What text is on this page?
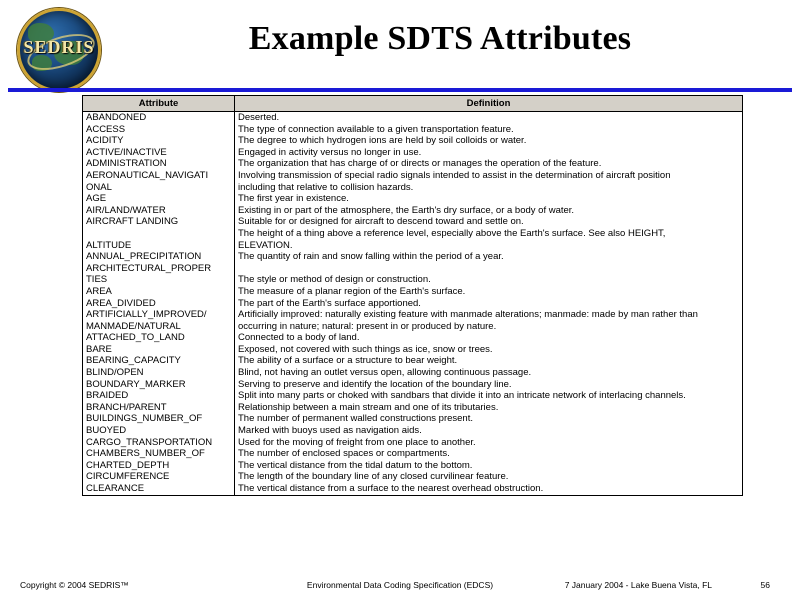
SEDRIS	Example SDTS Attributes
Attribute	Definition
ABANDONED	Deserted.
ACCESS	The type of connection available to a given transportation feature.
ACIDITY	The degree to which hydrogen ions are held by soil colloids or water.
ACTIVE/INACTIVE	Engaged in activity versus no longer in use.
ADMINISTRATION	The organization that has charge of or directs or manages the operation of the feature.
AERONAUTICAL_NAVIGATI	Involving transmission of special radio signals intended to assist in the determination of aircraft position
ONAL	including that relative to collision hazards.
AGE	The first year in existence.
AIR/LAND/WATER	Existing in or part of the atmosphere, the Earth's dry surface, or a body of water.
AIRCRAFT LANDING	Suitable for or designed for aircraft to descend toward and settle on.
	The height of a thing above a reference level, especially above the Earth's surface. See also HEIGHT,
ALTITUDE	ELEVATION.
ANNUAL_PRECIPITATION	The quantity of rain and snow falling within the period of a year.
ARCHITECTURAL_PROPER	
TIES	The style or method of design or construction.
AREA	The measure of a planar region of the Earth's surface.
AREA_DIVIDED	The part of the Earth's surface apportioned.
ARTIFICIALLY_IMPROVED/	Artificially improved: naturally existing feature with manmade alterations; manmade: made by man rather than
MANMADE/NATURAL	occurring in nature; natural: present in or produced by nature.
ATTACHED_TO_LAND	Connected to a body of land.
BARE	Exposed, not covered with such things as ice, snow or trees.
BEARING_CAPACITY	The ability of a surface or a structure to bear weight.
BLIND/OPEN	Blind, not having an outlet versus open, allowing continuous passage.
BOUNDARY_MARKER	Serving to preserve and identify the location of the boundary line.
BRAIDED	Split into many parts or choked with sandbars that divide it into an intricate network of interlacing channels.
BRANCH/PARENT	Relationship between a main stream and one of its tributaries.
BUILDINGS_NUMBER_OF	The number of permanent walled constructions present.
BUOYED	Marked with buoys used as navigation aids.
CARGO_TRANSPORTATION	Used for the moving of freight from one place to another.
CHAMBERS_NUMBER_OF	The number of enclosed spaces or compartments.
CHARTED_DEPTH	The vertical distance from the tidal datum to the bottom.
CIRCUMFERENCE	The length of the boundary line of any closed curvilinear feature.
CLEARANCE	The vertical distance from a surface to the nearest overhead obstruction.
Copyright © 2004 SEDRIS™	Environmental Data Coding Specification (EDCS)	7 January 2004 - Lake Buena Vista, FL	56
